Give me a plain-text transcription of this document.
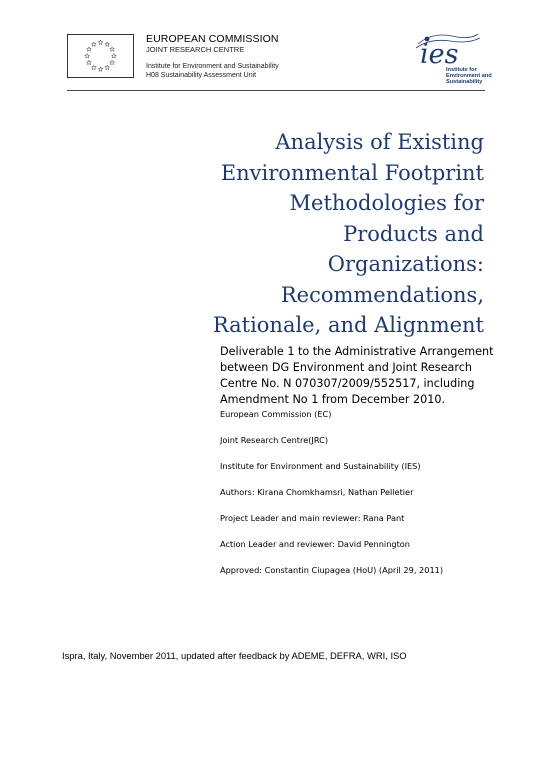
EUROPEAN COMMISSION
JOINT RESEARCH CENTRE
Institute for Environment and Sustainability
H08 Sustainability Assessment Unit
ies
Institute for
Environment and
Sustainability
Analysis of Existing
Environmental Footprint
Methodologies for
Products and
Organizations:
Recommendations,
Rationale, and Alignment
Deliverable 1 to the Administrative Arrangement
between DG Environment and Joint Research
Centre No. N 070307/2009/552517, including
Amendment No 1 from December 2010.
European Commission (EC)
Joint Research Centre(JRC)
Institute for Environment and Sustainability (IES)
Authors: Kirana Chomkhamsri, Nathan Pelletier
Project Leader and main reviewer: Rana Pant
Action Leader and reviewer: David Pennington
Approved: Constantin Ciupagea (HoU) (April 29, 2011)
Ispra, Italy, November 2011, updated after feedback by ADEME, DEFRA, WRI, ISO
